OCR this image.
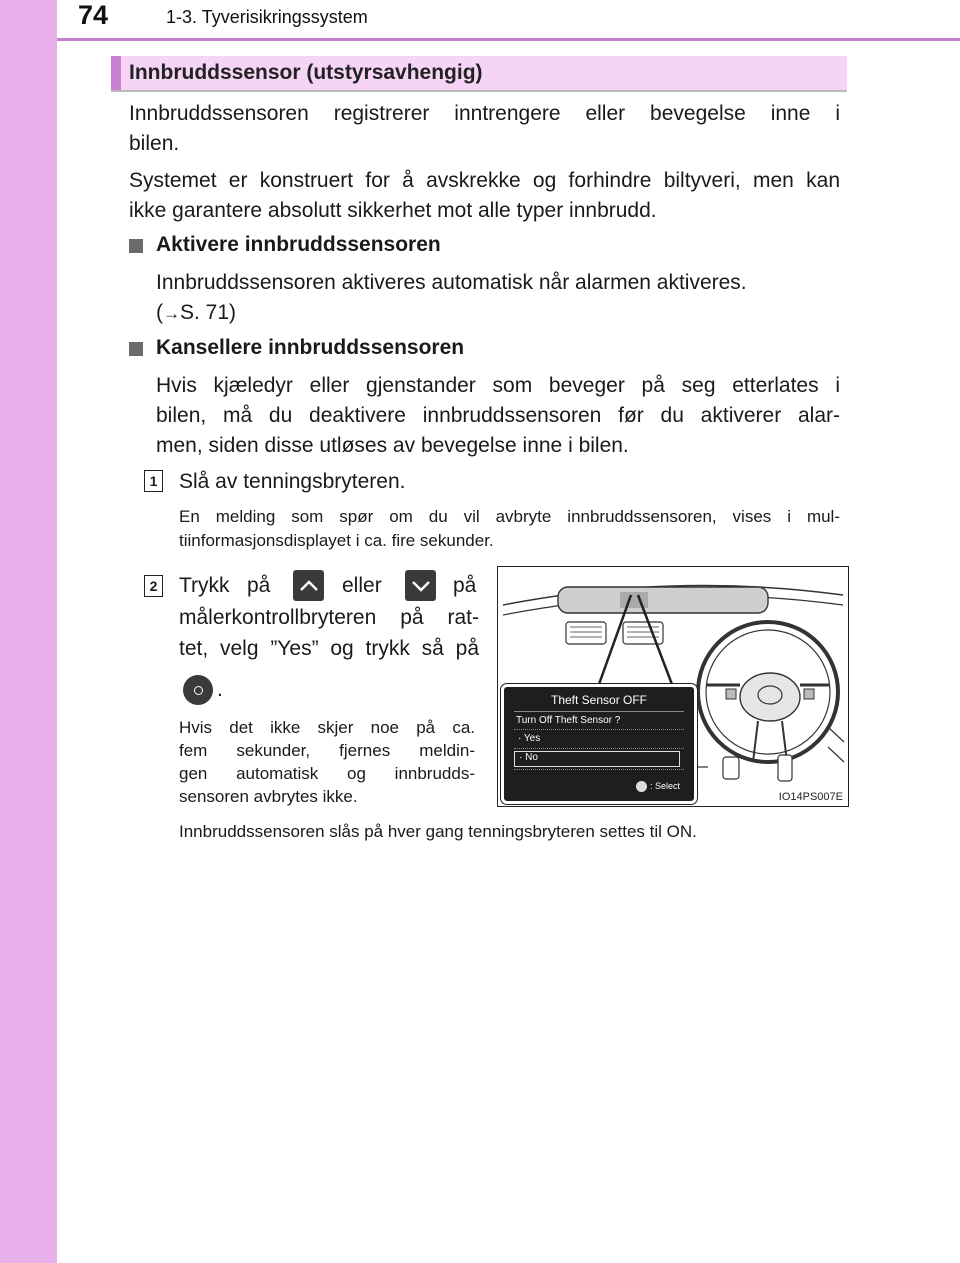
74	1-3. Tyverisikringssystem
Innbruddssensor (utstyrsavhengig)
Innbruddssensoren registrerer inntrengere eller bevegelse inne i
bilen.
Systemet er konstruert for å avskrekke og forhindre biltyveri, men kan
ikke garantere absolutt sikkerhet mot alle typer innbrudd.
Aktivere innbruddssensoren
Innbruddssensoren aktiveres automatisk når alarmen aktiveres.
(→S. 71)
Kansellere innbruddssensoren
Hvis kjæledyr eller gjenstander som beveger på seg etterlates i
bilen, må du deaktivere innbruddssensoren før du aktiverer alar-
men, siden disse utløses av bevegelse inne i bilen.
1 Slå av tenningsbryteren.
En melding som spør om du vil avbryte innbruddssensoren, vises i mul-
tiinformasjonsdisplayet i ca. fire sekunder.
2 Trykk på	eller	på
målerkontrollbryteren på rat-
tet, velg ”Yes” og trykk så på
.
Hvis det ikke skjer noe på ca.
fem sekunder, fjernes meldin-
gen automatisk og innbrudds-
sensoren avbrytes ikke.
Innbruddssensoren slås på hver gang tenningsbryteren settes til ON.
Theft Sensor OFF
Turn Off Theft Sensor ?
· Yes
· No
: Select
IO14PS007E
